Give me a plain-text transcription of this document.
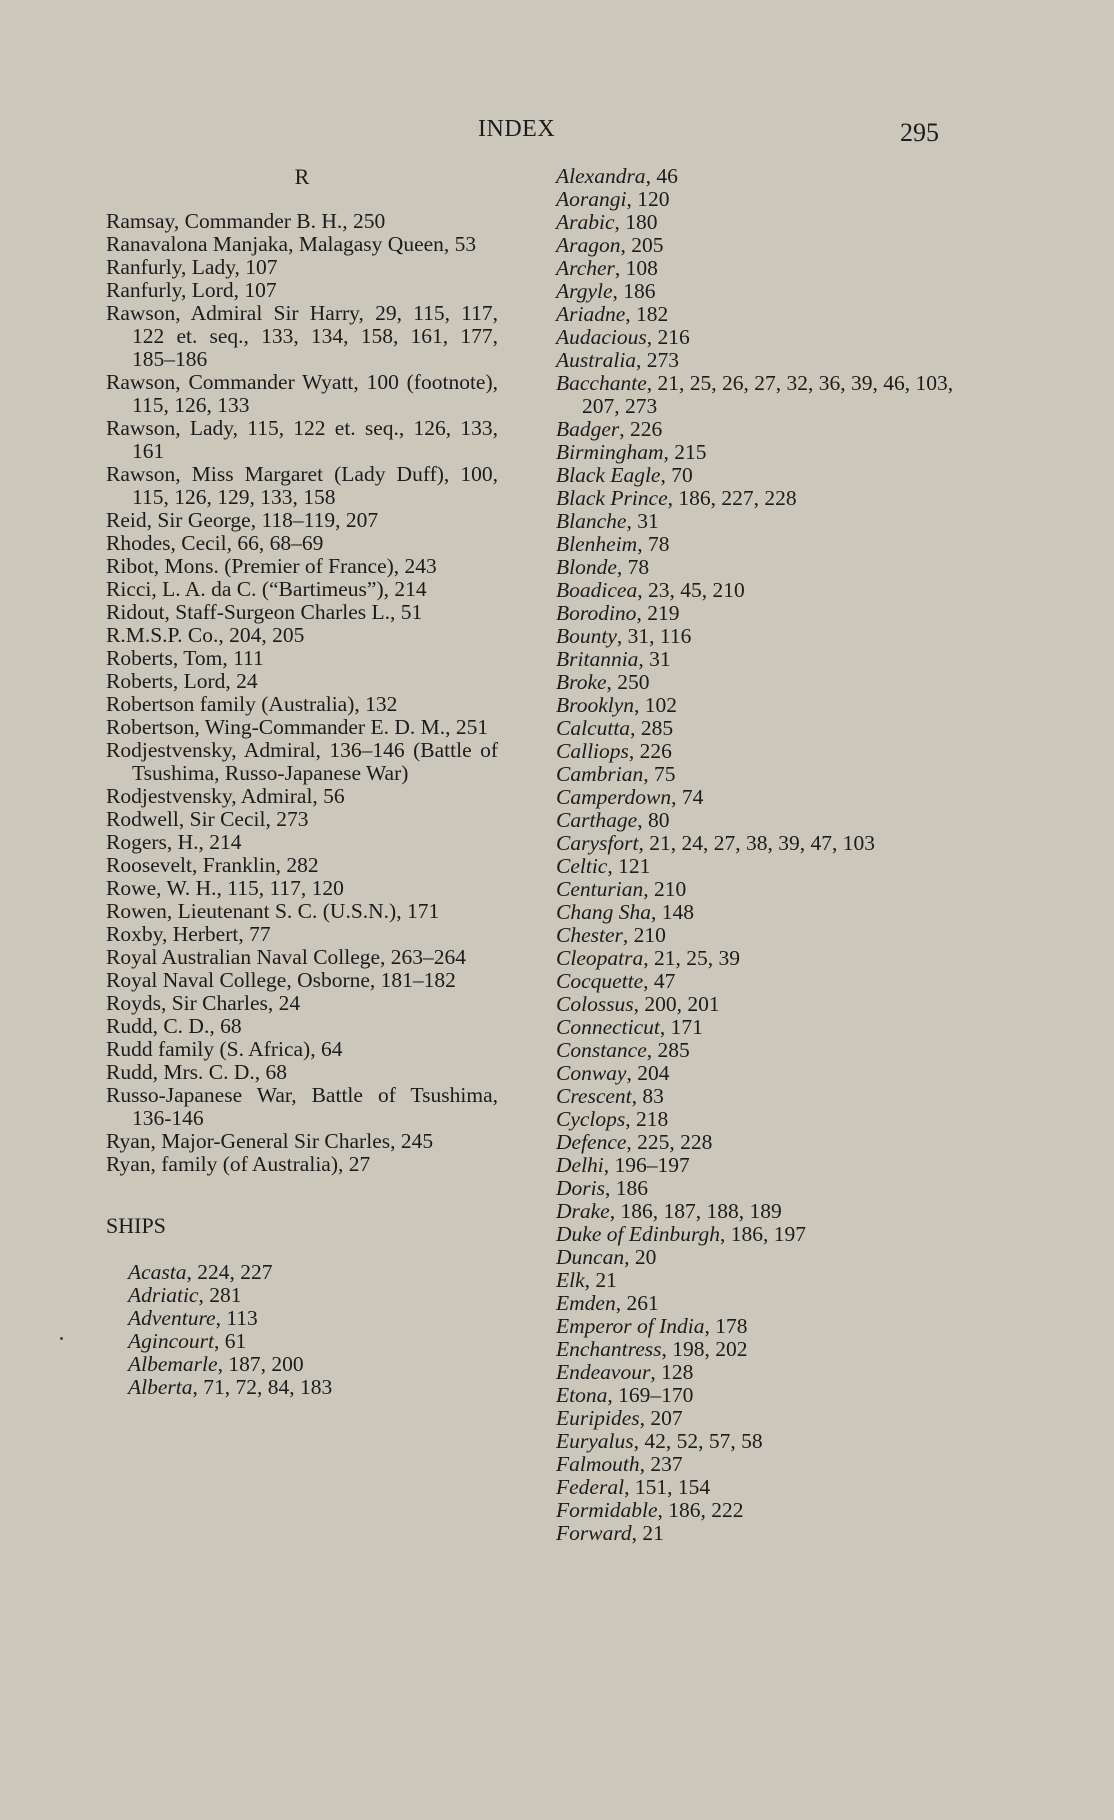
INDEX	295
R

Ramsay, Commander B. H., 250

Ranavalona Manjaka, Malagasy Queen, 53

Ranfurly, Lady, 107

Ranfurly, Lord, 107

Rawson, Admiral Sir Harry, 29, 115, 117, 122 et. seq., 133, 134, 158, 161, 177, 185–186

Rawson, Commander Wyatt, 100 (footnote), 115, 126, 133

Rawson, Lady, 115, 122 et. seq., 126, 133, 161

Rawson, Miss Margaret (Lady Duff), 100, 115, 126, 129, 133, 158

Reid, Sir George, 118–119, 207

Rhodes, Cecil, 66, 68–69

Ribot, Mons. (Premier of France), 243

Ricci, L. A. da C. (“Bartimeus”), 214

Ridout, Staff-Surgeon Charles L., 51

R.M.S.P. Co., 204, 205

Roberts, Tom, 111

Roberts, Lord, 24

Robertson family (Australia), 132

Robertson, Wing-Commander E. D. M., 251

Rodjestvensky, Admiral, 136–146 (Battle of Tsushima, Russo-Japanese War)

Rodjestvensky, Admiral, 56

Rodwell, Sir Cecil, 273

Rogers, H., 214

Roosevelt, Franklin, 282

Rowe, W. H., 115, 117, 120

Rowen, Lieutenant S. C. (U.S.N.), 171

Roxby, Herbert, 77

Royal Australian Naval College, 263–264

Royal Naval College, Osborne, 181–182

Royds, Sir Charles, 24

Rudd, C. D., 68

Rudd family (S. Africa), 64

Rudd, Mrs. C. D., 68

Russo-Japanese War, Battle of Tsushima, 136-146

Ryan, Major-General Sir Charles, 245

Ryan, family (of Australia), 27

SHIPS

Acasta, 224, 227

Adriatic, 281

Adventure, 113

Agincourt, 61

Albemarle, 187, 200

Alberta, 71, 72, 84, 183

Alexandra, 46

Aorangi, 120

Arabic, 180

Aragon, 205

Archer, 108

Argyle, 186

Ariadne, 182

Audacious, 216

Australia, 273

Bacchante, 21, 25, 26, 27, 32, 36, 39, 46, 103, 207, 273

Badger, 226

Birmingham, 215

Black Eagle, 70

Black Prince, 186, 227, 228

Blanche, 31

Blenheim, 78

Blonde, 78

Boadicea, 23, 45, 210

Borodino, 219

Bounty, 31, 116

Britannia, 31

Broke, 250

Brooklyn, 102

Calcutta, 285

Calliops, 226

Cambrian, 75

Camperdown, 74

Carthage, 80

Carysfort, 21, 24, 27, 38, 39, 47, 103

Celtic, 121

Centurian, 210

Chang Sha, 148

Chester, 210

Cleopatra, 21, 25, 39

Cocquette, 47

Colossus, 200, 201

Connecticut, 171

Constance, 285

Conway, 204

Crescent, 83

Cyclops, 218

Defence, 225, 228

Delhi, 196–197

Doris, 186

Drake, 186, 187, 188, 189

Duke of Edinburgh, 186, 197

Duncan, 20

Elk, 21

Emden, 261

Emperor of India, 178

Enchantress, 198, 202

Endeavour, 128

Etona, 169–170

Euripides, 207

Euryalus, 42, 52, 57, 58

Falmouth, 237

Federal, 151, 154

Formidable, 186, 222

Forward, 21
